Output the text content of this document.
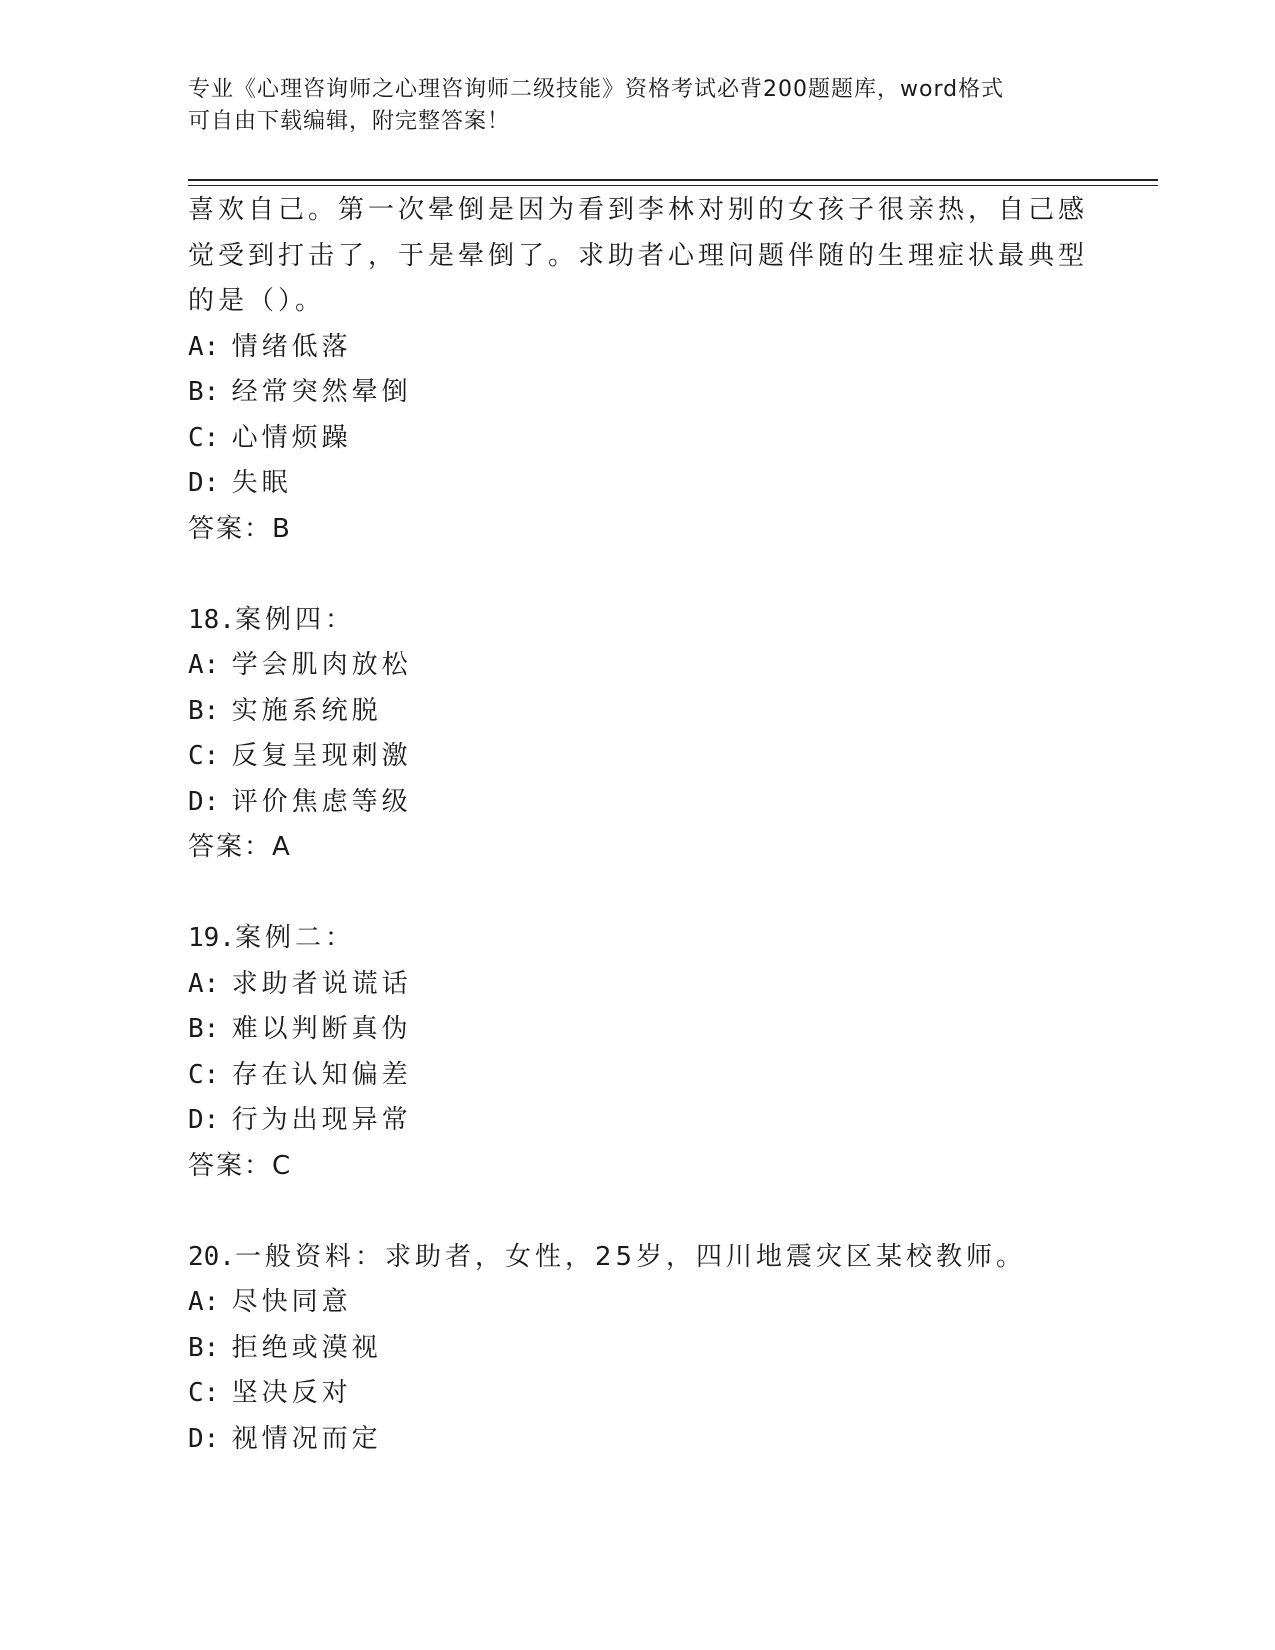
专业《心理咨询师之心理咨询师二级技能》资格考试必背200题题库，word格式
可自由下载编辑，附完整答案！
喜欢自己。第一次晕倒是因为看到李林对别的女孩子很亲热，自己感
觉受到打击了，于是晕倒了。求助者心理问题伴随的生理症状最典型
的是（）。
A: 情绪低落
B: 经常突然晕倒
C: 心情烦躁
D: 失眠
答案：B
18.案例四：
A: 学会肌肉放松
B: 实施系统脱
C: 反复呈现刺激
D: 评价焦虑等级
答案：A
19.案例二：
A: 求助者说谎话
B: 难以判断真伪
C: 存在认知偏差
D: 行为出现异常
答案：C
20.一般资料：求助者，女性，25岁，四川地震灾区某校教师。
A: 尽快同意
B: 拒绝或漠视
C: 坚决反对
D: 视情况而定
